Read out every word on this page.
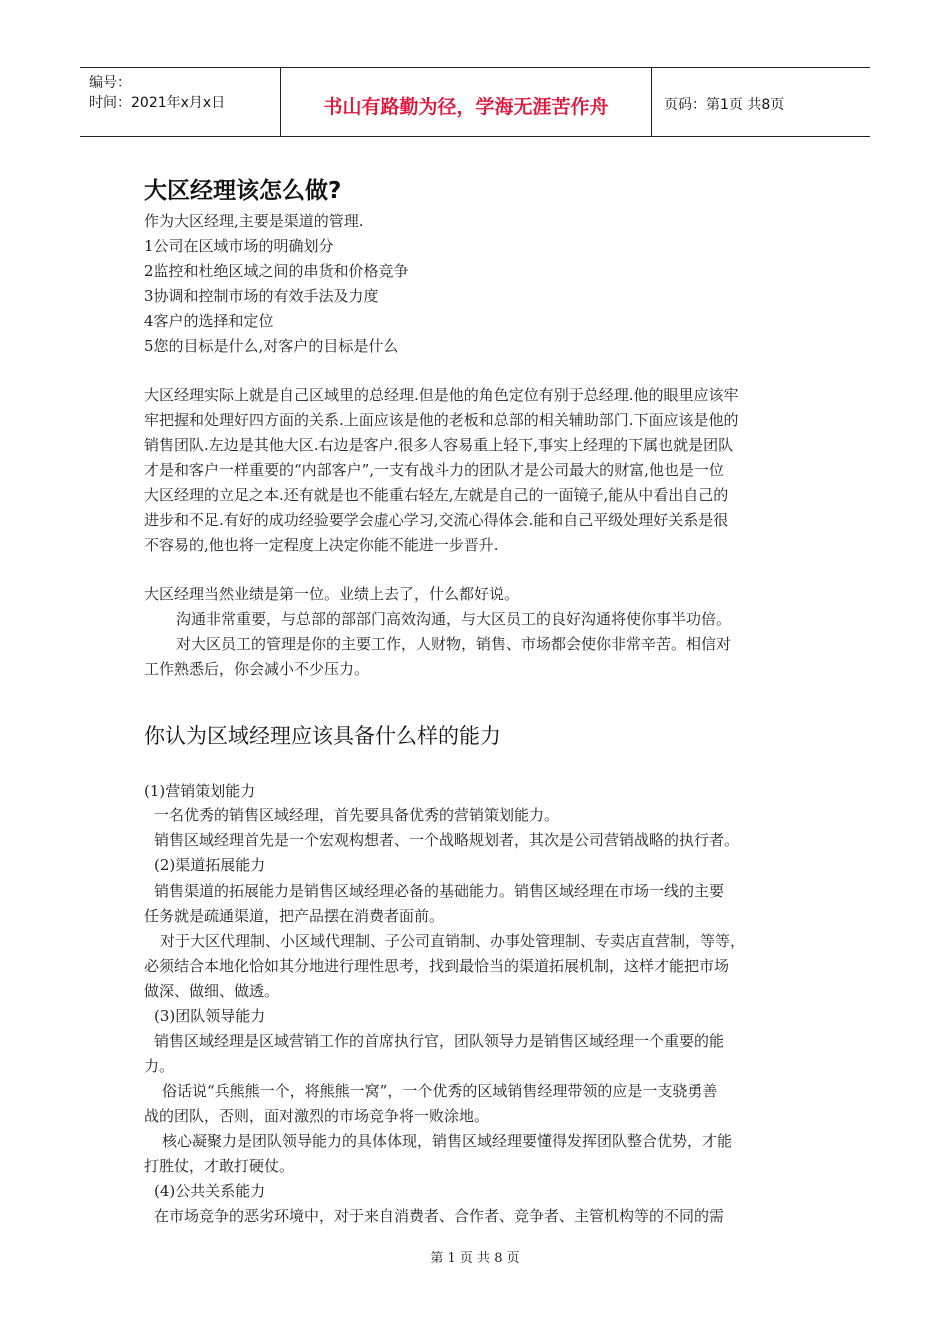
编号：
时间：2021年x月x日	书山有路勤为径，学海无涯苦作舟	页码：第1页 共8页
大区经理该怎么做?
你认为区域经理应该具备什么样的能力
作为大区经理,主要是渠道的管理.
1公司在区域市场的明确划分
2监控和杜绝区域之间的串货和价格竞争
3协调和控制市场的有效手法及力度
4客户的选择和定位
5您的目标是什么,对客户的目标是什么
大区经理实际上就是自己区域里的总经理.但是他的角色定位有别于总经理.他的眼里应该牢
牢把握和处理好四方面的关系.上面应该是他的老板和总部的相关辅助部门.下面应该是他的
销售团队.左边是其他大区.右边是客户.很多人容易重上轻下,事实上经理的下属也就是团队
才是和客户一样重要的“内部客户”,一支有战斗力的团队才是公司最大的财富,他也是一位
大区经理的立足之本.还有就是也不能重右轻左,左就是自己的一面镜子,能从中看出自己的
进步和不足.有好的成功经验要学会虚心学习,交流心得体会.能和自己平级处理好关系是很
不容易的,他也将一定程度上决定你能不能进一步晋升.
大区经理当然业绩是第一位。业绩上去了，什么都好说。
沟通非常重要，与总部的部部门高效沟通，与大区员工的良好沟通将使你事半功倍。
对大区员工的管理是你的主要工作，人财物，销售、市场都会使你非常辛苦。相信对
工作熟悉后，你会减小不少压力。
(1)营销策划能力
一名优秀的销售区域经理，首先要具备优秀的营销策划能力。
销售区域经理首先是一个宏观构想者、一个战略规划者，其次是公司营销战略的执行者。
(2)渠道拓展能力
销售渠道的拓展能力是销售区域经理必备的基础能力。销售区域经理在市场一线的主要
任务就是疏通渠道，把产品摆在消费者面前。
对于大区代理制、小区域代理制、子公司直销制、办事处管理制、专卖店直营制，等等，
必须结合本地化恰如其分地进行理性思考，找到最恰当的渠道拓展机制，这样才能把市场
做深、做细、做透。
(3)团队领导能力
销售区域经理是区域营销工作的首席执行官，团队领导力是销售区域经理一个重要的能
力。
俗话说“兵熊熊一个，将熊熊一窝”，一个优秀的区域销售经理带领的应是一支骁勇善
战的团队，否则，面对激烈的市场竞争将一败涂地。
核心凝聚力是团队领导能力的具体体现，销售区域经理要懂得发挥团队整合优势，才能
打胜仗，才敢打硬仗。
(4)公共关系能力
在市场竞争的恶劣环境中，对于来自消费者、合作者、竞争者、主管机构等的不同的需
第 1 页 共 8 页
